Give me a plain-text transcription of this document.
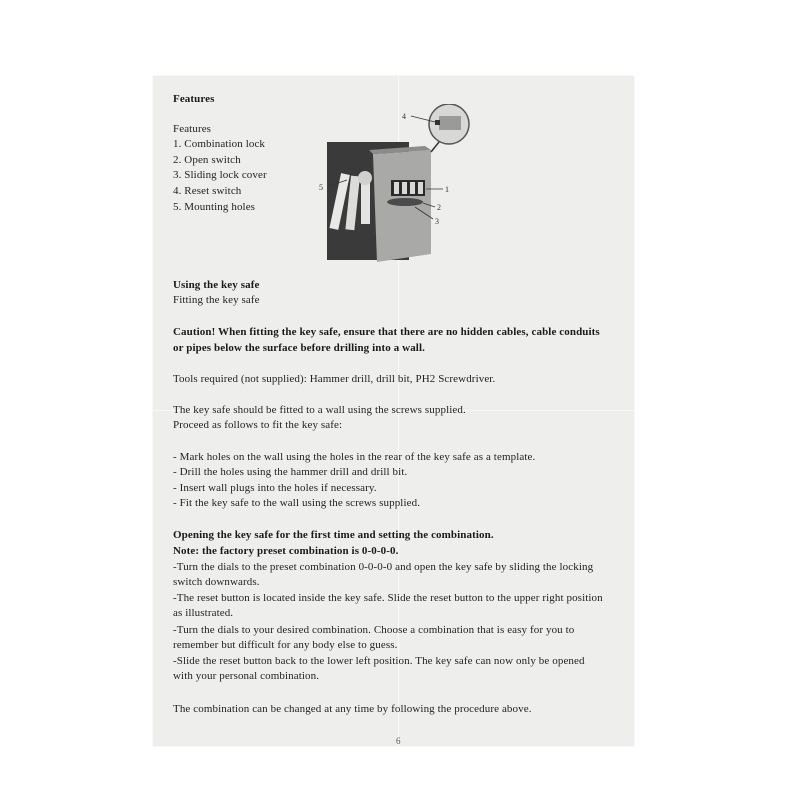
Features
Features
1. Combination lock
2. Open switch
3. Sliding lock cover
4. Reset switch
5. Mounting holes
1
2
3
4
5
Using the key safe
Fitting the key safe
Caution! When fitting the key safe, ensure that there are no hidden cables, cable conduits
or pipes below the surface before drilling into a wall.
Tools required (not supplied): Hammer drill, drill bit, PH2 Screwdriver.
The key safe should be fitted to a wall using the screws supplied.
Proceed as follows to fit the key safe:
- Mark holes on the wall using the holes in the rear of the key safe as a template.
- Drill the holes using the hammer drill and drill bit.
- Insert wall plugs into the holes if necessary.
- Fit the key safe to the wall using the screws supplied.
Opening the key safe for the first time and setting the combination.
Note: the factory preset combination is 0-0-0-0.
-Turn the dials to the preset combination 0-0-0-0 and open the key safe by sliding the locking
switch downwards.
-The reset button is located inside the key safe. Slide the reset button to the upper right position
as illustrated.
-Turn the dials to your desired combination. Choose a combination that is easy for you to
remember but difficult for any body else to guess.
-Slide the reset button back to the lower left position. The key safe can now only be opened
with your personal combination.
The combination can be changed at any time by following the procedure above.
6
